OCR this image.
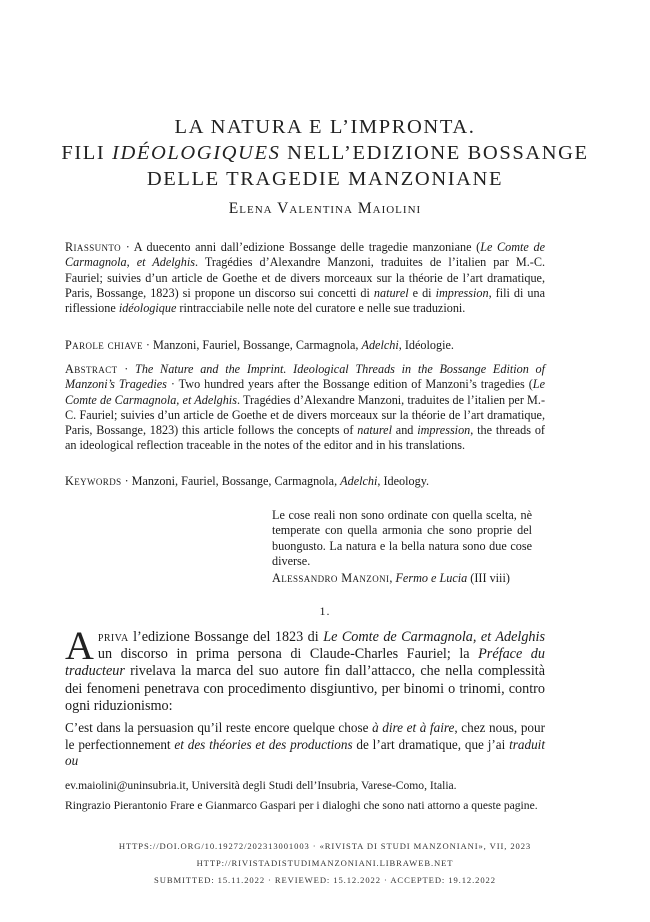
LA NATURA E L’IMPRONTA.
FILI IDÉOLOGIQUES NELL’EDIZIONE BOSSANGE
DELLE TRAGEDIE MANZONIANE
Elena Valentina Maiolini
Riassunto · A duecento anni dall’edizione Bossange delle tragedie manzoniane (Le Comte de Carmagnola, et Adelghis. Tragédies d’Alexandre Manzoni, traduites de l’italien par M.-C. Fauriel; suivies d’un article de Goethe et de divers morceaux sur la théorie de l’art dramatique, Paris, Bossange, 1823) si propone un discorso sui concetti di naturel e di impression, fili di una riflessione idéologique rintracciabile nelle note del curatore e nelle sue traduzioni.
Parole chiave · Manzoni, Fauriel, Bossange, Carmagnola, Adelchi, Idéologie.
Abstract · The Nature and the Imprint. Ideological Threads in the Bossange Edition of Manzoni’s Tragedies · Two hundred years after the Bossange edition of Manzoni’s tragedies (Le Comte de Carmagnola, et Adelghis. Tragédies d’Alexandre Manzoni, traduites de l’italien per M.-C. Fauriel; suivies d’un article de Goethe et de divers morceaux sur la théorie de l’art dramatique, Paris, Bossange, 1823) this article follows the concepts of naturel and impression, the threads of an ideological reflection traceable in the notes of the editor and in his translations.
Keywords · Manzoni, Fauriel, Bossange, Carmagnola, Adelchi, Ideology.
Le cose reali non sono ordinate con quella scelta, nè temperate con quella armonia che sono proprie del buongusto. La natura e la bella natura sono due cose diverse.
Alessandro Manzoni, Fermo e Lucia (III viii)
1.
Apriva l’edizione Bossange del 1823 di Le Comte de Carmagnola, et Adelghis un discorso in prima persona di Claude-Charles Fauriel; la Préface du traducteur rivelava la marca del suo autore fin dall’attacco, che nella complessità dei fenomeni penetrava con procedimento disgiuntivo, per binomi o trinomi, contro ogni riduzionismo:
C’est dans la persuasion qu’il reste encore quelque chose à dire et à faire, chez nous, pour le perfectionnement et des théories et des productions de l’art dramatique, que j’ai traduit ou
ev.maiolini@uninsubria.it, Università degli Studi dell’Insubria, Varese-Como, Italia.
Ringrazio Pierantonio Frare e Gianmarco Gaspari per i dialoghi che sono nati attorno a queste pagine.
HTTPS://DOI.ORG/10.19272/202313001003 · «RIVISTA DI STUDI MANZONIANI», VII, 2023
HTTP://RIVISTADISTUDIMANZONIANI.LIBRAWEB.NET
SUBMITTED: 15.11.2022 · REVIEWED: 15.12.2022 · ACCEPTED: 19.12.2022
